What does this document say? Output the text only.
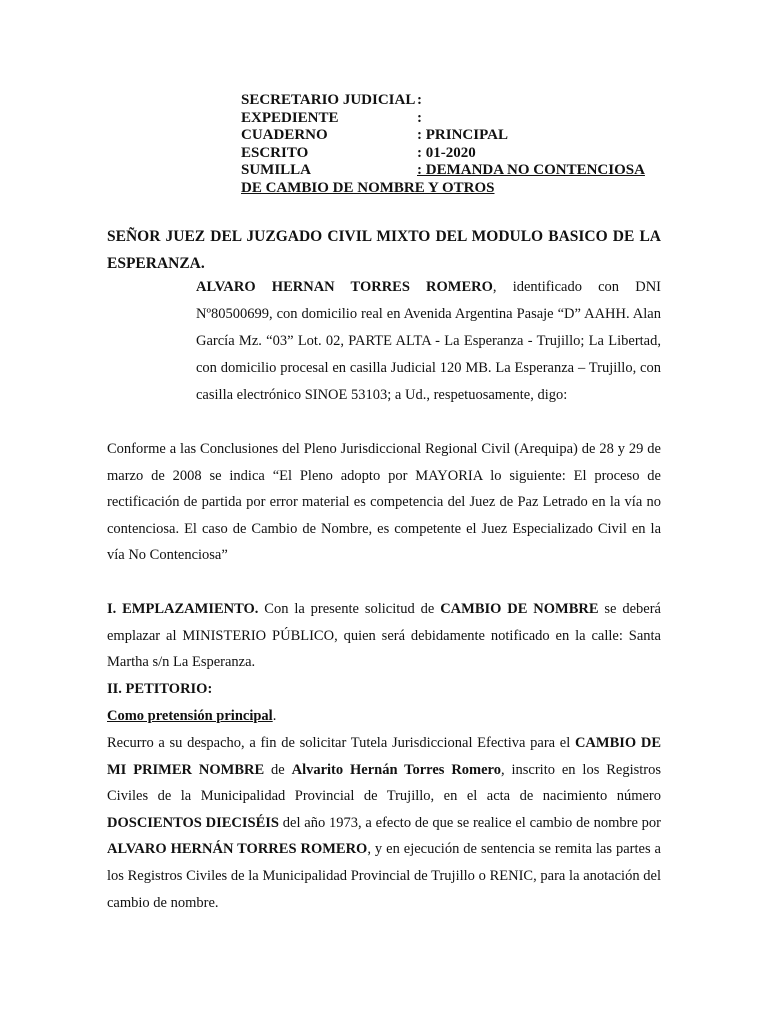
SECRETARIO JUDICIAL :
EXPEDIENTE	:
CUADERNO	: PRINCIPAL
ESCRITO	: 01-2020
SUMILLA	: DEMANDA NO CONTENCIOSA
DE CAMBIO DE NOMBRE Y OTROS
SEÑOR JUEZ DEL JUZGADO CIVIL MIXTO DEL MODULO BASICO DE LA ESPERANZA.
ALVARO HERNAN TORRES ROMERO, identificado con DNI Nº80500699, con domicilio real en Avenida Argentina Pasaje “D” AAHH. Alan García Mz. “03” Lot. 02, PARTE ALTA - La Esperanza - Trujillo; La Libertad, con domicilio procesal en casilla Judicial 120 MB. La Esperanza – Trujillo, con casilla electrónico SINOE 53103; a Ud., respetuosamente, digo:
Conforme a las Conclusiones del Pleno Jurisdiccional Regional Civil (Arequipa) de 28 y 29 de marzo de 2008 se indica “El Pleno adopto por MAYORIA lo siguiente: El proceso de rectificación de partida por error material es competencia del Juez de Paz Letrado en la vía no contenciosa. El caso de Cambio de Nombre, es competente el Juez Especializado Civil en la vía No Contenciosa”
I. EMPLAZAMIENTO. Con la presente solicitud de CAMBIO DE NOMBRE se deberá emplazar al MINISTERIO PÚBLICO, quien será debidamente notificado en la calle: Santa Martha s/n La Esperanza.
II. PETITORIO:
Como pretensión principal.
Recurro a su despacho, a fin de solicitar Tutela Jurisdiccional Efectiva para el CAMBIO DE MI PRIMER NOMBRE de Alvarito Hernán Torres Romero, inscrito en los Registros Civiles de la Municipalidad Provincial de Trujillo, en el acta de nacimiento número DOSCIENTOS DIECISÉIS del año 1973, a efecto de que se realice el cambio de nombre por ALVARO HERNÁN TORRES ROMERO, y en ejecución de sentencia se remita las partes a los Registros Civiles de la Municipalidad Provincial de Trujillo o RENIC, para la anotación del cambio de nombre.
